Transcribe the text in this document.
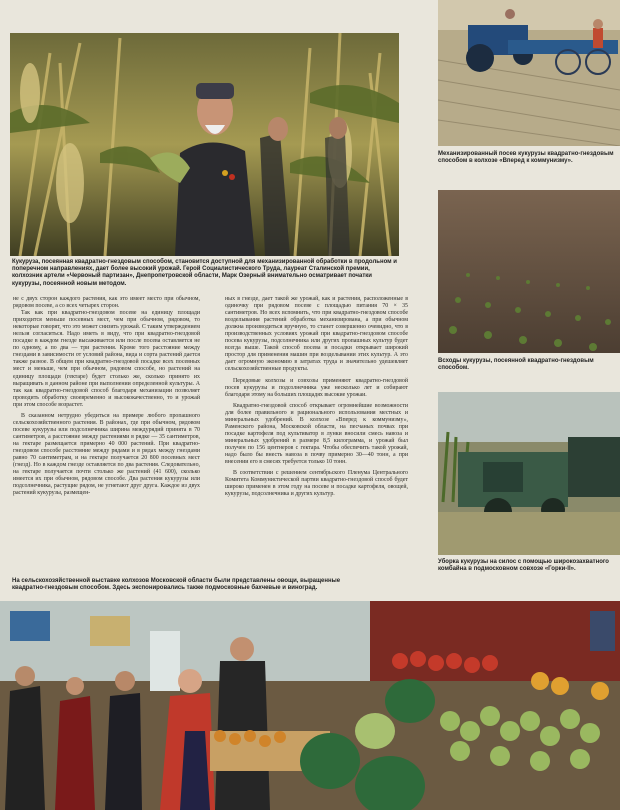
Кукуруза, посеянная квадратно-гнездовым способом, становится доступной для механизированной обработки в продольном и поперечном направлениях, дает более высокий урожай. Герой Социалистического Труда, лауреат Сталинской премии, колхозник артели «Червоный партизан», Днепропетровской области, Марк Озерный внимательно осматривает початки кукурузы, посеянной новым методом.

Механизированный посев кукурузы квадратно-гнездовым способом в колхозе «Вперед к коммунизму».

Всходы кукурузы, посеянной квадратно-гнездовым способом.

Уборка кукурузы на силос с помощью широкозахватного комбайна в подмосковном совхозе «Горки-II».

не с двух сторон каждого растения, как это имеет место при обычном, рядовом посеве, а со всех четырех сторон.

Так как при квадратно-гнездовом посеве на единицу площади приходится меньше посевных мест, чем при обычном, рядовом, то некоторые говорят, что это может снизить урожай. С таким утверждением нельзя согласиться. Надо иметь в виду, что при квадратно-гнездовой посадке в каждом гнезде высаживается или после посева оставляется не по одному, а по два — три растения. Кроме того расстояние между гнездами в зависимости от условий района, вида и сорта растений дается также разное. В общем при квадратно-гнездовой посадке всех посевных мест и меньше, чем при обычном, рядовом способе, но растений на единицу площади (гектаре) будет столько же, сколько принято их выращивать в данном районе при выполнении определенной культуры. А так как квадратно-гнездовой способ благодаря механизации позволяет проводить обработку своевременно и высококачественно, то и урожай при этом способе возрастет.

В сказанном нетрудно убедиться на примере любого пропашного сельскохозяйственного растения. В районах, где при обычном, рядовом посеве кукурузы или подсолнечника ширина междурядий принята в 70 сантиметров, а расстояние между растениями в рядке — 35 сантиметров, на гектаре размещается примерно 40 000 растений. При квадратно-гнездовом способе расстояние между рядами и в рядах между гнездами равно 70 сантиметрам, и на гектаре получается 20 800 посевных мест (гнезд). Но в каждом гнезде оставляется по два растения. Следовательно, на гектаре получается почти столько же растений (41 600), сколько имеется их при обычном, рядовом способе. Два растения кукурузы или подсолнечника, растущие рядом, не угнетают друг друга. Каждое из двух растений кукурузы, размещен-

ных в гнезде, дает такой же урожай, как и растения, расположенные в одиночку при рядовом посеве с площадью питания 70 × 35 сантиметров. Но всех вспомнить, что при квадратно-гнездовом способе возделывания растений обработка механизирована, а при обычном должна производиться вручную, то станет совершенно очевидно, что в производственных условиях урожай при квадратно-гнездовом способе посева кукурузы, подсолнечника или других пропашных культур будет всегда выше. Такой способ посева и посадки открывает широкий простор для применения машин при возделывании этих культур. А это дает огромную экономию в затратах труда и значительно удешевляет сельскохозяйственные продукты.

Передовые колхозы и совхозы применяют квадратно-гнездовой посев кукурузы и подсолнечника уже несколько лет и собирают благодаря этому на больших площадях высокие урожаи.

Квадратно-гнездовой способ открывает огромнейшие возможности для более правильного и рационального использования местных и минеральных удобрений. В колхозе «Вперед к коммунизму», Раменского района, Московской области, на песчаных почвах при посадке картофеля под культиватор в лунки вносили смесь навоза и минеральных удобрений в размере 8,5 килограмма, и урожай был получен по 156 центнеров с гектара. Чтобы обеспечить такой урожай, надо было бы внесть навоза в почву примерно 30—40 тонн, а при внесении его в смесях требуется только 10 тонн.

В соответствии с решением сентябрьского Пленума Центрального Комитета Коммунистической партии квадратно-гнездовой способ будет широко применен в этом году на посеве и посадке картофеля, овощей, кукурузы, подсолнечника и других культур.

На сельскохозяйственной выставке колхозов Московской области были представлены овощи, выращенные квадратно-гнездовым способом. Здесь экспонировались также подмосковные бахчевые и виноград.
